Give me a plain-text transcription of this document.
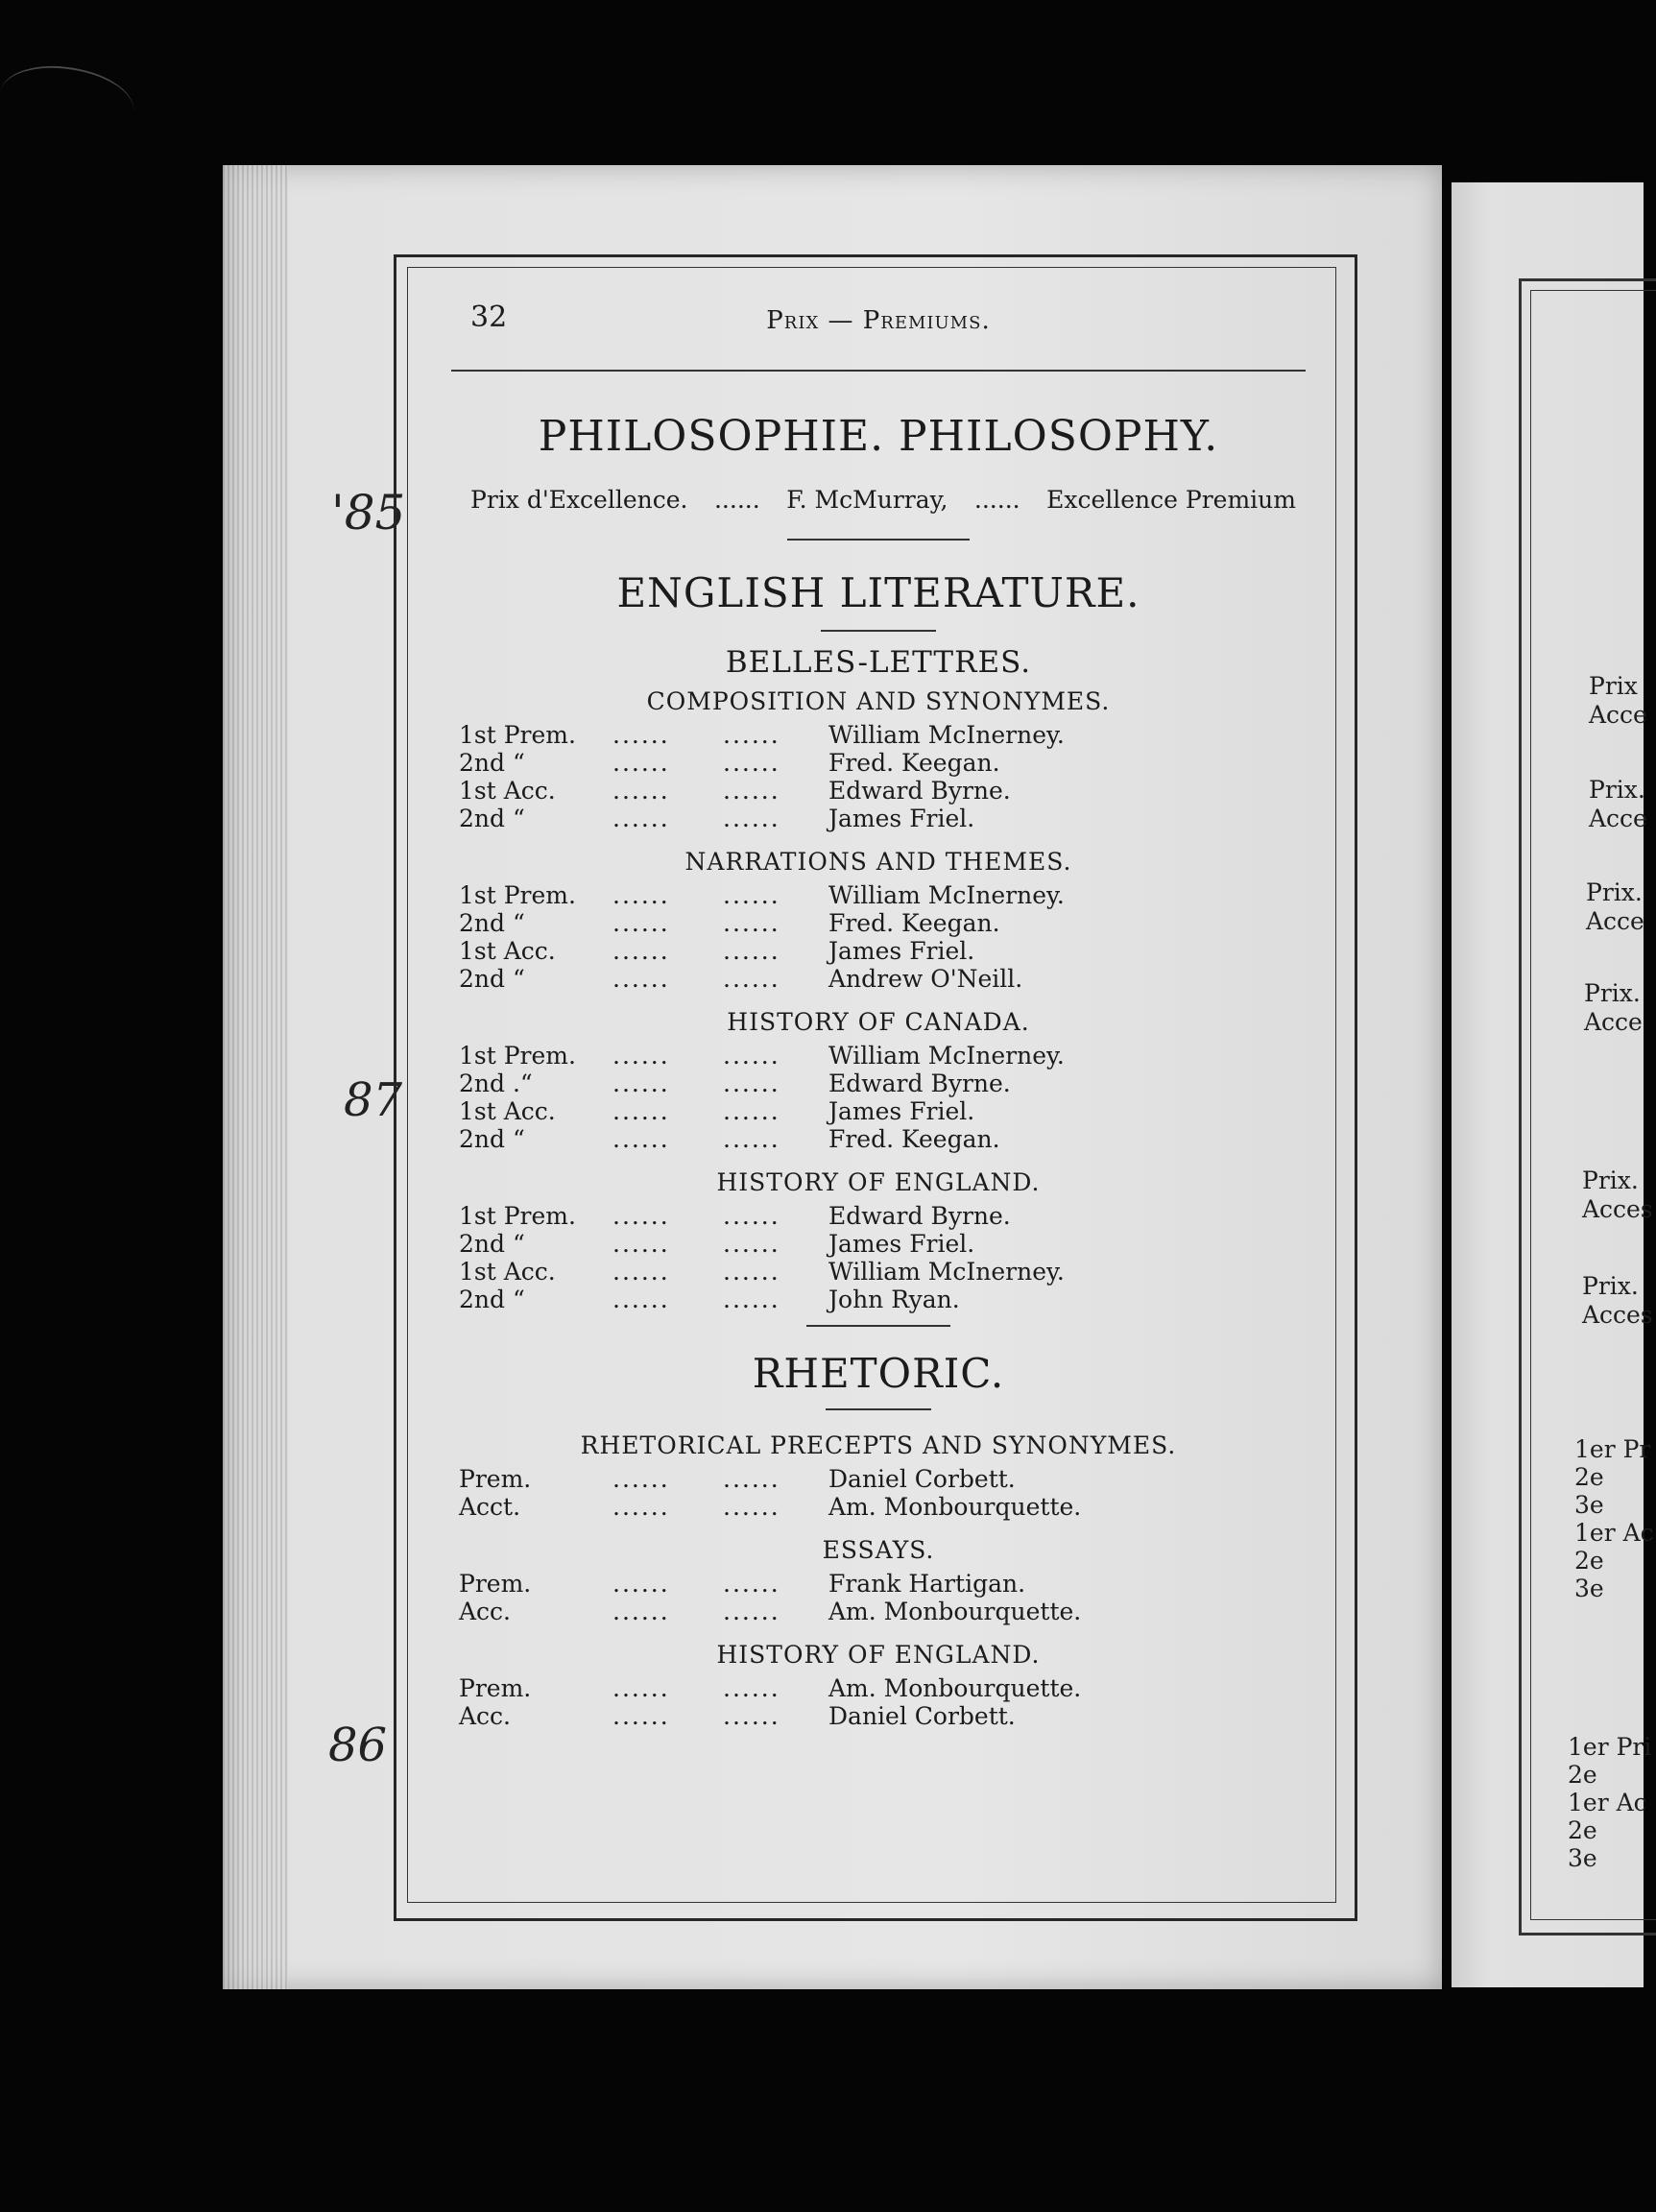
Prix
Acce
Prix.
Acce
Prix.
Acce
Prix.
Acce
Prix.
Acces
Prix.
Acces
1er Pr
2e
3e
1er Ac
2e
3e
1er Pri
2e
1er Ac
2e
3e
'85
87
86
32	Prix — Premiums.
PHILOSOPHIE. PHILOSOPHY.
Prix d'Excellence. ...... F. McMurray, ...... Excellence Premium
ENGLISH LITERATURE.
BELLES-LETTRES.
COMPOSITION AND SYNONYMES.
1st Prem.	......	......	William McInerney.
2nd “	......	......	Fred. Keegan.
1st Acc.	......	......	Edward Byrne.
2nd “	......	......	James Friel.
NARRATIONS AND THEMES.
1st Prem.	......	......	William McInerney.
2nd “	......	......	Fred. Keegan.
1st Acc.	......	......	James Friel.
2nd “	......	......	Andrew O'Neill.
HISTORY OF CANADA.
1st Prem.	......	......	William McInerney.
2nd .“	......	......	Edward Byrne.
1st Acc.	......	......	James Friel.
2nd “	......	......	Fred. Keegan.
HISTORY OF ENGLAND.
1st Prem.	......	......	Edward Byrne.
2nd “	......	......	James Friel.
1st Acc.	......	......	William McInerney.
2nd “	......	......	John Ryan.
RHETORIC.
RHETORICAL PRECEPTS AND SYNONYMES.
Prem.	......	......	Daniel Corbett.
Acct.	......	......	Am. Monbourquette.
ESSAYS.
Prem.	......	......	Frank Hartigan.
Acc.	......	......	Am. Monbourquette.
HISTORY OF ENGLAND.
Prem.	......	......	Am. Monbourquette.
Acc.	......	......	Daniel Corbett.
